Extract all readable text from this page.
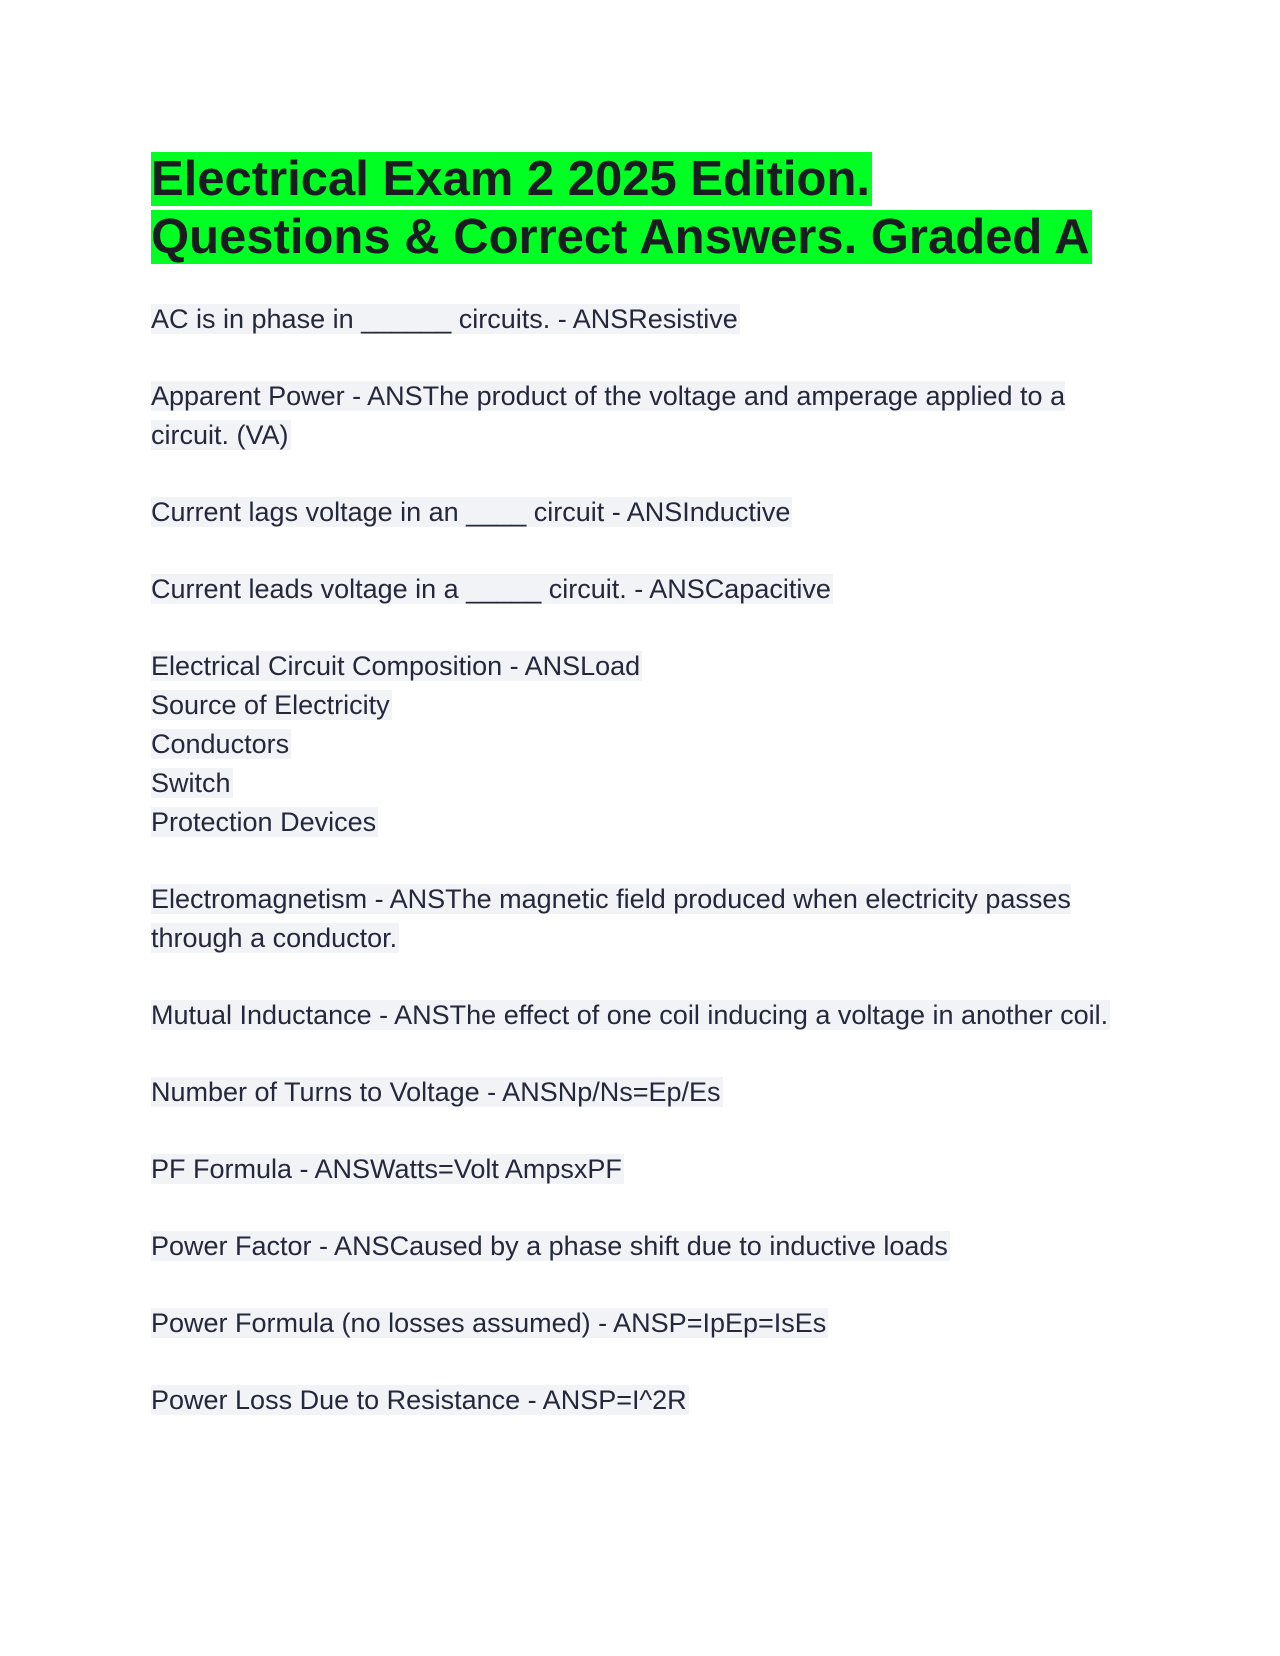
Electrical Exam 2 2025 Edition.
Questions & Correct Answers. Graded A

AC is in phase in ______ circuits. - ANSResistive

Apparent Power - ANSThe product of the voltage and amperage applied to a circuit. (VA)

Current lags voltage in an ____ circuit - ANSInductive

Current leads voltage in a _____ circuit. - ANSCapacitive

Electrical Circuit Composition - ANSLoad
Source of Electricity
Conductors
Switch
Protection Devices

Electromagnetism - ANSThe magnetic field produced when electricity passes through a conductor.

Mutual Inductance - ANSThe effect of one coil inducing a voltage in another coil.

Number of Turns to Voltage - ANSNp/Ns=Ep/Es

PF Formula - ANSWatts=Volt AmpsxPF

Power Factor - ANSCaused by a phase shift due to inductive loads

Power Formula (no losses assumed) - ANSP=IpEp=IsEs

Power Loss Due to Resistance - ANSP=I^2R
